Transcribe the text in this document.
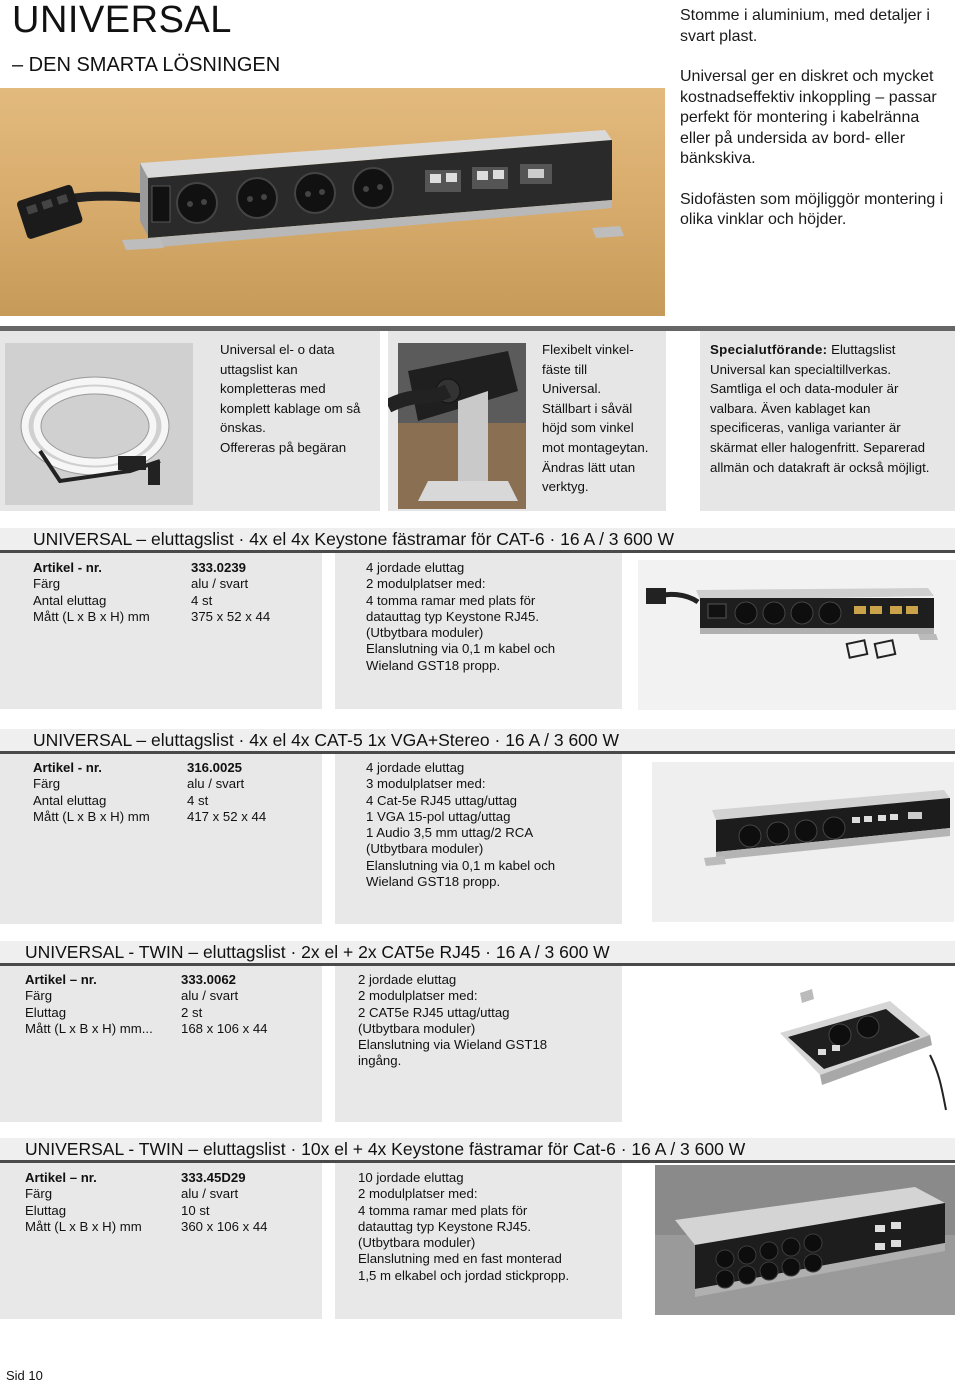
UNIVERSAL
– DEN SMARTA LÖSNINGEN

Stomme i aluminium, med detaljer i svart plast.

Universal ger en diskret och mycket kostnadseffektiv inkoppling – passar perfekt för montering i kabelränna eller på undersida av bord- eller bänkskiva.

Sidofästen som möjliggör montering i olika vinklar och höjder.

Universal el- o data

uttagslist kan

kompletteras med

komplett kablage om så

önskas.

Offereras på begäran

Flexibelt vinkel-

fäste till

Universal.

Ställbart i såväl

höjd som vinkel

mot montageytan.

Ändras lätt utan

verktyg.

Specialutförande: Eluttagslist

Universal kan specialtillverkas.

Samtliga el och data-moduler är

valbara. Även kablaget kan

specificeras, vanliga varianter är

skärmat eller halogenfritt. Separerad

allmän och datakraft är också möjligt.

UNIVERSAL – eluttagslist · 4x el 4x Keystone fästramar för CAT-6 · 16 A / 3 600 W
Artikel - nr.
Färg
Antal eluttag
Mått (L x B x H) mm
333.0239
alu / svart
4 st
375 x 52 x 44
4 jordade eluttag
2 modulplatser med:
4 tomma ramar med plats för
datauttag typ Keystone RJ45.
(Utbytbara moduler)
Elanslutning via 0,1 m kabel och
Wieland GST18 propp.
UNIVERSAL – eluttagslist · 4x el 4x CAT-5 1x VGA+Stereo · 16 A / 3 600 W
Artikel - nr.
Färg
Antal eluttag
Mått (L x B x H) mm
316.0025
alu / svart
4 st
417 x 52 x 44
4 jordade eluttag
3 modulplatser med:
4 Cat-5e RJ45 uttag/uttag
1 VGA 15-pol uttag/uttag
1 Audio 3,5 mm uttag/2 RCA
(Utbytbara moduler)
Elanslutning via 0,1 m kabel och
Wieland GST18 propp.
UNIVERSAL - TWIN – eluttagslist · 2x el + 2x CAT5e RJ45 · 16 A / 3 600 W
Artikel – nr.
Färg
Eluttag
Mått (L x B x H) mm...
333.0062
alu / svart
2 st
168 x 106 x 44
2 jordade eluttag
2 modulplatser med:
2 CAT5e RJ45 uttag/uttag
(Utbytbara moduler)
Elanslutning via Wieland GST18
ingång.
UNIVERSAL - TWIN – eluttagslist · 10x el + 4x Keystone fästramar för Cat-6 · 16 A / 3 600 W
Artikel – nr.
Färg
Eluttag
Mått (L x B x H) mm
333.45D29
alu / svart
10 st
360 x 106 x 44
10 jordade eluttag
2 modulplatser med:
4 tomma ramar med plats för
datauttag typ Keystone RJ45.
(Utbytbara moduler)
Elanslutning med en fast monterad
1,5 m elkabel och jordad stickpropp.
Sid 10
